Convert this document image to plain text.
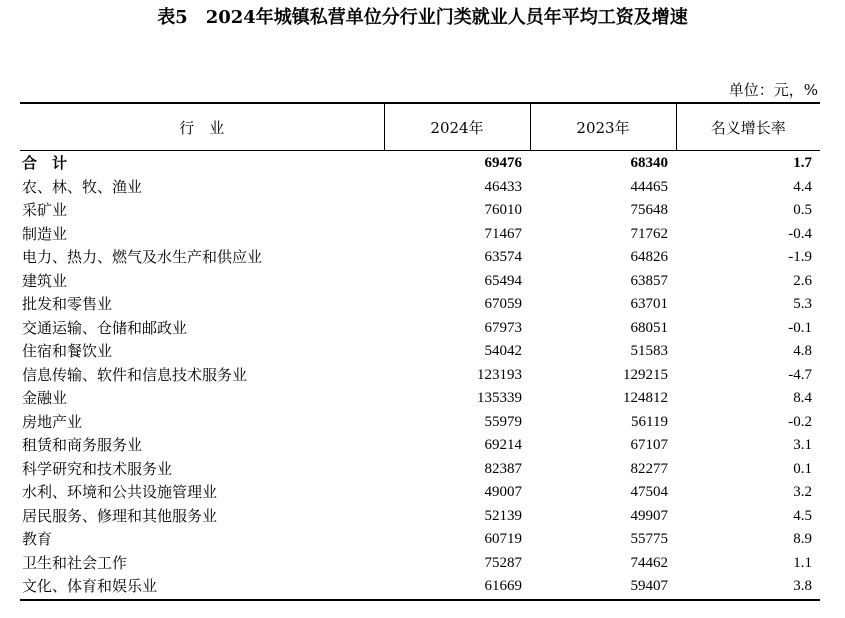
表5　2024年城镇私营单位分行业门类就业人员年平均工资及增速
单位：元，%
行　业	2024年	2023年	名义增长率
合　计	69476	68340	1.7
农、林、牧、渔业	46433	44465	4.4
采矿业	76010	75648	0.5
制造业	71467	71762	-0.4
电力、热力、燃气及水生产和供应业	63574	64826	-1.9
建筑业	65494	63857	2.6
批发和零售业	67059	63701	5.3
交通运输、仓储和邮政业	67973	68051	-0.1
住宿和餐饮业	54042	51583	4.8
信息传输、软件和信息技术服务业	123193	129215	-4.7
金融业	135339	124812	8.4
房地产业	55979	56119	-0.2
租赁和商务服务业	69214	67107	3.1
科学研究和技术服务业	82387	82277	0.1
水利、环境和公共设施管理业	49007	47504	3.2
居民服务、修理和其他服务业	52139	49907	4.5
教育	60719	55775	8.9
卫生和社会工作	75287	74462	1.1
文化、体育和娱乐业	61669	59407	3.8
